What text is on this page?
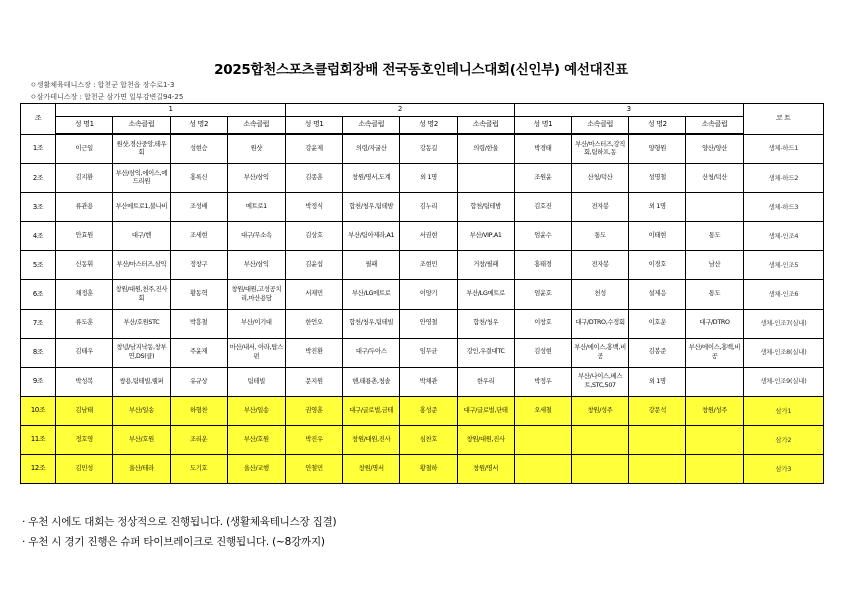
2025합천스포츠클럽회장배 전국동호인테니스대회(신인부) 예선대진표
ㅇ생활체육테니스장 : 합천군 합천읍 장수로1-3
ㅇ삼가테니스장 : 합천군 삼가면 일부강변길94-25
조	1				2				3				코 트
	성 명1	소속클럽	성 명2	소속클럽	성 명1	소속클럽	성 명2	소속클럽	성 명1	소속클럽	성 명2	소속클럽	
1조	이근일	원샷,경산중앙,테우회	성현승	원샷	강윤제	의령/자굴산	강동길	의령/한울	박경태	부산/마스터즈,강직회,팀하프,동	양형원	양산/양산	생체-하드1
2조	김지환	부산/삼익,에이스,예드리원	홍록신	부산/삼익	김종훈	창원/명서,도계	외 1명		조원윤	산청/덕산	성명철	산청/덕산	생체-하드2
3조	류관용	부산메트로1,불나비	조성배	메트로1	박정식	합천/청우,팀테밤	김누리	합천/팀테밤	김호진	전자봉	외 1명		생체-하드3
4조	안효원	대구/벤	조세현	대구/무소속	김상호	부산/팀아제라,A1	서권현	부산/VIP,A1	엄윤수	통도	이태현	통도	생체-인조4
5조	신동휘	부산/마스터즈,삼익	정창구	부산/삼익	김윤섭	필패	조현민	거창/필패	홍태경	전자봉	이경호	남산	생체-인조5
6조	채정훈	창원/대원,천주,진사회	황동혁	창원/대원,고성공치리,마산용담	서재민	부산/LG메트로	이양기	부산/LG메트로	엄윤호	천성	설제응	통도	생체-인조6
7조	류도훈	부산/호원STC	박흥철	부산/이기대	한언오	합천/청우,팀테빌	안영철	합천/청우	이창호	대구/DTRO,수정회	이호운	대구/DTRO	생체-인조7(실내)
8조	김태우	창녕/남지낙동,창부연,DS(클)	주윤재	마산/내서, 아라,탑스펀	박진환	대구/두아스	임무균	강인,우결대TC	김성현	부산/에이스,홍백,비공	김봉준	부산/에이스,홍백,비공	생체-인조8(실내)
9조	박성복	쌍용,팀테빌,웰퍼	유규상	팀테빌	문지원	헨,태룡촌,청솔	박채관	한우리	박정우	부산/나이스,베스트,STC,507	외 1명		생체-인조9(실내)
10조	김남태	부산/일송	하형찬	부산/일송	권영훈	대구/글로벌,금테	홍성준	대구/글로벌,단테	오세철	창원/성주	강문석	창원/성주	삼가1
11조	정호영	부산/호원	조리운	부산/호원	박진우	창원/대원,진사	심찬호	창원/대원,진사					삼가2
12조	김민성	울산/테라	도기호	울산/교행	안철민	창원/명서	황철하	창원/명서					삼가3
· 우천 시에도 대회는 정상적으로 진행됩니다. (생활체육테니스장 집결)
· 우천 시 경기 진행은 슈퍼 타이브레이크로 진행됩니다. (~8강까지)
